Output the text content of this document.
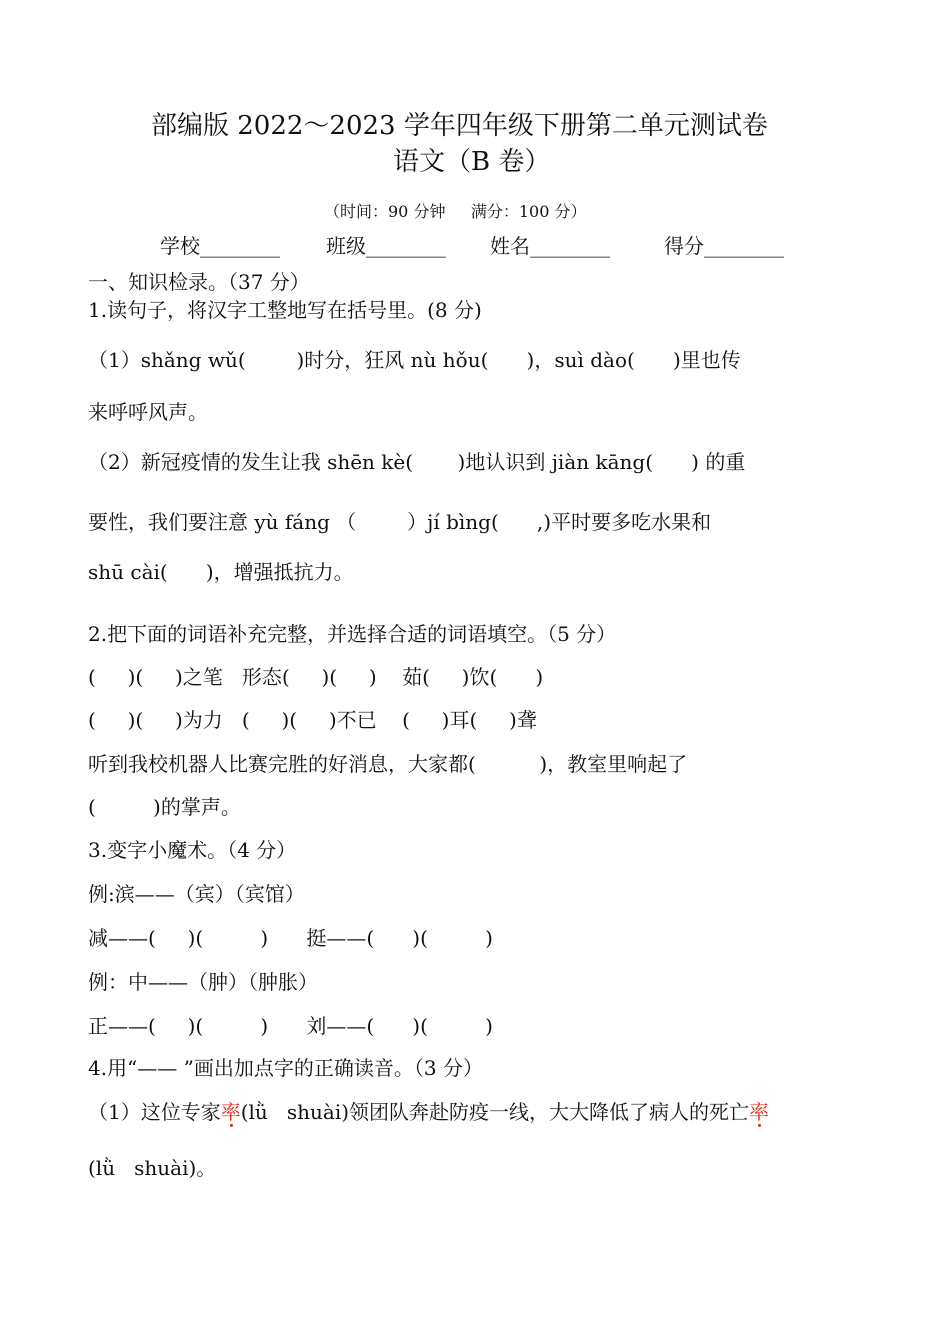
部编版 2022～2023 学年四年级下册第二单元测试卷
语文（B 卷）
（时间：90 分钟     满分：100 分）
学校________ 班级________ 姓名________	得分________
一、知识检录。（37 分）
1.读句子，将汉字工整地写在括号里。(8 分)
（1）shǎng wǔ(        )时分，狂风 nù hǒu(      )，suì dào(      )里也传
来呼呼风声。
（2）新冠疫情的发生让我 shēn kè(       )地认识到 jiàn kāng(      ) 的重
要性，我们要注意 yù fáng （        ）jí bìng(      ,)平时要多吃水果和
shū cài(      )，增强抵抗力。
2.把下面的词语补充完整，并选择合适的词语填空。（5 分）
(     )(     )之笔   形态(     )(     )    茹(     )饮(      )
(     )(     )为力   (     )(     )不已    (     )耳(     )聋
听到我校机器人比赛完胜的好消息，大家都(          )，教室里响起了
(         )的掌声。
3.变字小魔术。（4 分）
例:滨——（宾）（宾馆）
减——(     )(         )      挺——(      )(         )
例：中——（肿）（肿胀）
正——(     )(         )      刘——(      )(         )
4.用“—— ”画出加点字的正确读音。（3 分）
（1）这位专家率
(lǜ   shuài)领团队奔赴防疫一线，大大降低了病人的死亡率
(lǜ   shuài)。
